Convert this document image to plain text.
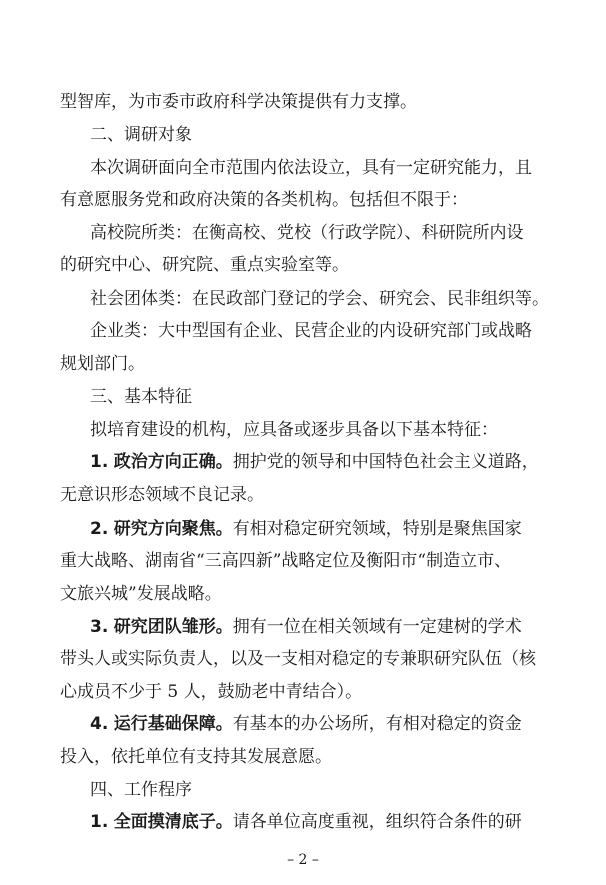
型智库，为市委市政府科学决策提供有力支撑。
二、调研对象
本次调研面向全市范围内依法设立，具有一定研究能力，且
有意愿服务党和政府决策的各类机构。包括但不限于：
高校院所类：在衡高校、党校（行政学院）、科研院所内设
的研究中心、研究院、重点实验室等。
社会团体类：在民政部门登记的学会、研究会、民非组织等。
企业类：大中型国有企业、民营企业的内设研究部门或战略
规划部门。
三、基本特征
拟培育建设的机构，应具备或逐步具备以下基本特征：
1. 政治方向正确。拥护党的领导和中国特色社会主义道路，
无意识形态领域不良记录。
2. 研究方向聚焦。有相对稳定研究领域，特别是聚焦国家
重大战略、湖南省“三高四新”战略定位及衡阳市“制造立市、
文旅兴城”发展战略。
3. 研究团队雏形。拥有一位在相关领域有一定建树的学术
带头人或实际负责人，以及一支相对稳定的专兼职研究队伍（核
心成员不少于 5 人，鼓励老中青结合）。
4. 运行基础保障。有基本的办公场所，有相对稳定的资金
投入，依托单位有支持其发展意愿。
四、工作程序
1. 全面摸清底子。请各单位高度重视，组织符合条件的研
– 2 –
